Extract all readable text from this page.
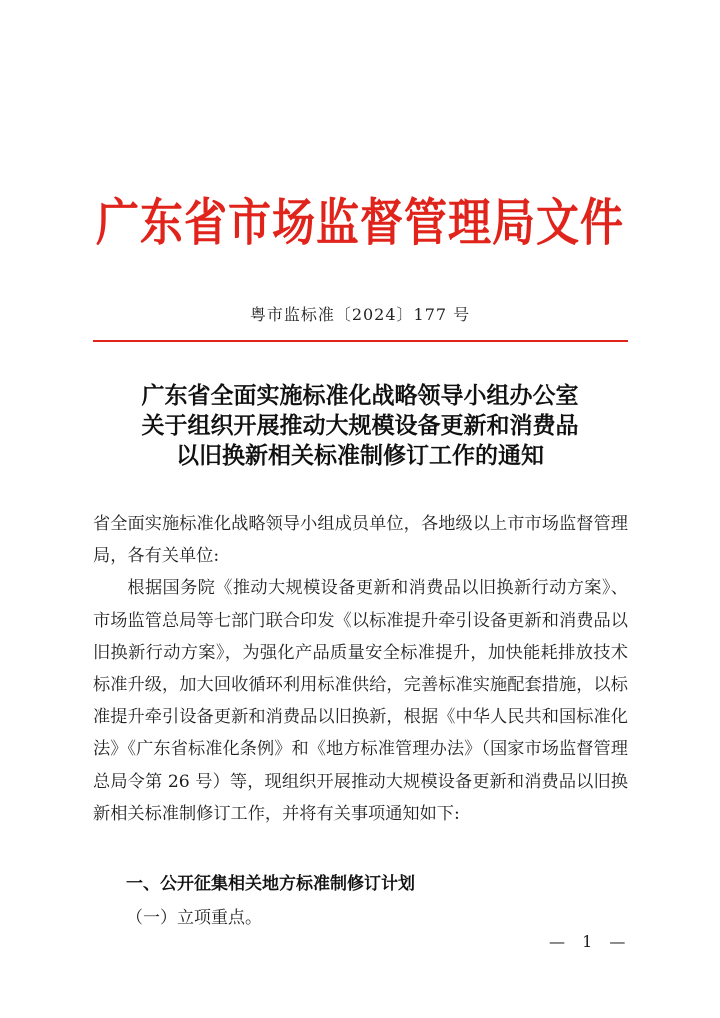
广东省市场监督管理局文件
粤市监标准〔2024〕177 号
广东省全面实施标准化战略领导小组办公室
关于组织开展推动大规模设备更新和消费品
以旧换新相关标准制修订工作的通知

省全面实施标准化战略领导小组成员单位，各地级以上市市场监督管理局，各有关单位:

根据国务院《推动大规模设备更新和消费品以旧换新行动方案》、市场监管总局等七部门联合印发《以标准提升牵引设备更新和消费品以旧换新行动方案》，为强化产品质量安全标准提升，加快能耗排放技术标准升级，加大回收循环利用标准供给，完善标准实施配套措施，以标准提升牵引设备更新和消费品以旧换新，根据《中华人民共和国标准化法》《广东省标准化条例》和《地方标准管理办法》（国家市场监督管理总局令第 26 号）等，现组织开展推动大规模设备更新和消费品以旧换新相关标准制修订工作，并将有关事项通知如下:

一、公开征集相关地方标准制修订计划
（一）立项重点。
— 1 —
